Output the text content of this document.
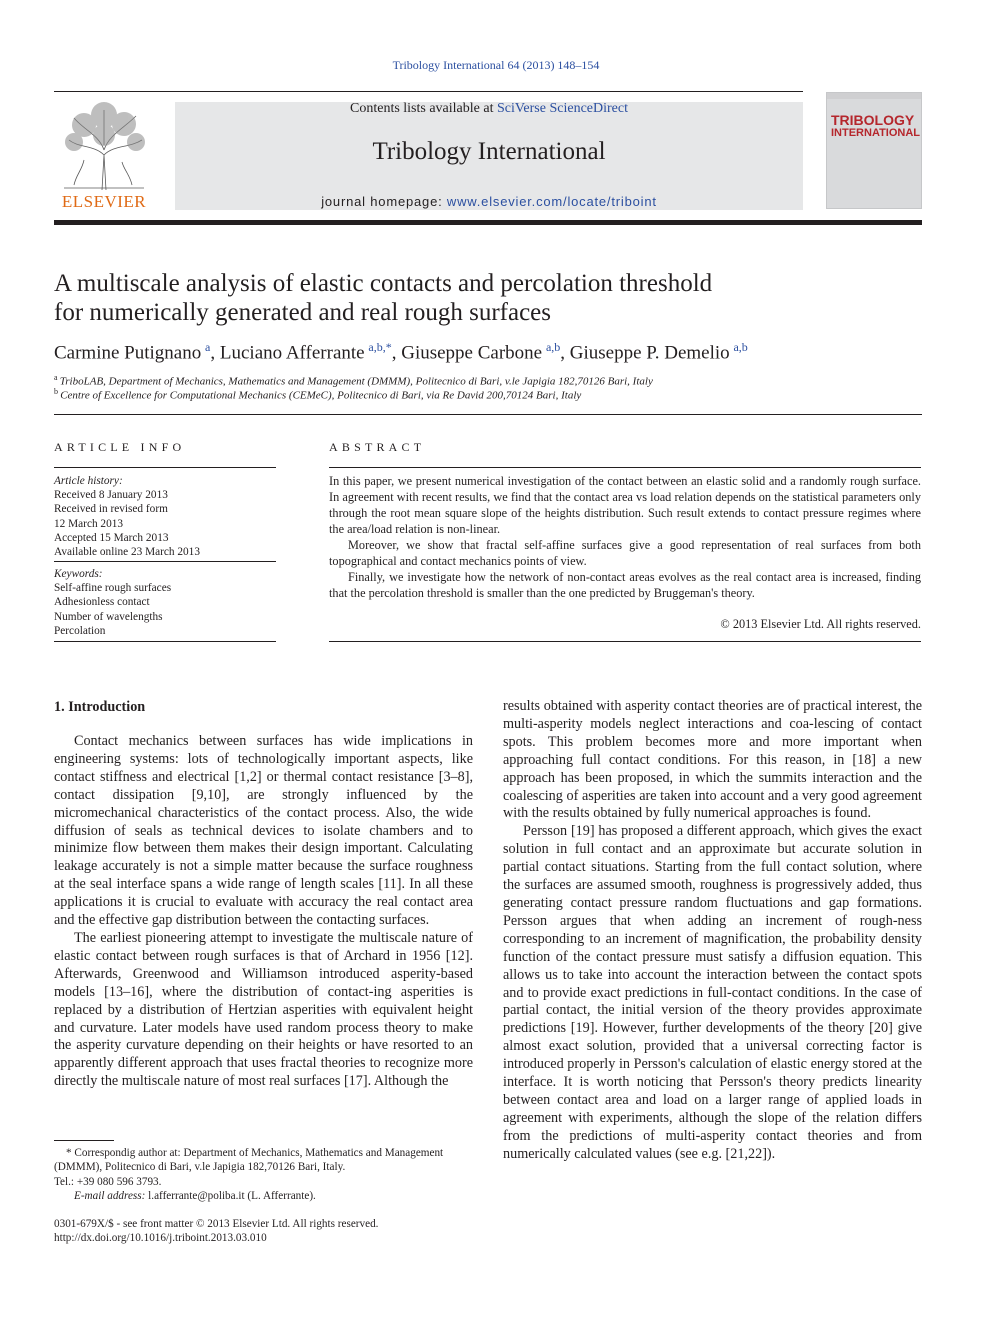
Tribology International 64 (2013) 148–154
ELSEVIER
Contents lists available at SciVerse ScienceDirect
Tribology International
journal homepage: www.elsevier.com/locate/triboint
TRIBOLOGY
INTERNATIONAL
A multiscale analysis of elastic contacts and percolation threshold
for numerically generated and real rough surfaces
Carmine Putignano  $^a$, Luciano Afferrante  $^{a,b,*}$, Giuseppe Carbone  $^{a,b}$, Giuseppe P. Demelio  $^{a,b}$
$^a$  TriboLAB, Department of Mechanics, Mathematics and Management (DMMM), Politecnico di Bari, v.le Japigia 182,70126 Bari, Italy
$^b$  Centre of Excellence for Computational Mechanics (CEMeC), Politecnico di Bari, via Re David 200,70124 Bari, Italy
ARTICLE INFO
Article history:
Received 8 January 2013
Received in revised form
12 March 2013
Accepted 15 March 2013
Available online 23 March 2013
Keywords:
Self-affine rough surfaces
Adhesionless contact
Number of wavelengths
Percolation
ABSTRACT

In this paper, we present numerical investigation of the contact between an elastic solid and a randomly rough surface. In agreement with recent results, we find that the contact area vs load relation depends on the statistical parameters only through the root mean square slope of the heights distribution. Such result extends to contact pressure regimes where the area/load relation is non-linear.

Moreover, we show that fractal self-affine surfaces give a good representation of real surfaces from both topographical and contact mechanics points of view.

Finally, we investigate how the network of non-contact areas evolves as the real contact area is increased, finding that the percolation threshold is smaller than the one predicted by Bruggeman's theory.

© 2013 Elsevier Ltd. All rights reserved.
1. Introduction

Contact mechanics between surfaces has wide implications in engineering systems: lots of technologically important aspects, like contact stiffness and electrical [1,2] or thermal contact resistance [3–8], contact dissipation [9,10], are strongly influenced by the micromechanical characteristics of the contact process. Also, the wide diffusion of seals as technical devices to isolate chambers and to minimize flow between them makes their design important. Calculating leakage accurately is not a simple matter because the surface roughness at the seal interface spans a wide range of length scales [11]. In all these applications it is crucial to evaluate with accuracy the real contact area and the effective gap distribution between the contacting surfaces.

The earliest pioneering attempt to investigate the multiscale nature of elastic contact between rough surfaces is that of Archard in 1956 [12]. Afterwards, Greenwood and Williamson introduced asperity-based models [13–16], where the distribution of contact-ing asperities is replaced by a distribution of Hertzian asperities with equivalent height and curvature. Later models have used random process theory to make the asperity curvature depending on their heights or have resorted to an apparently different approach that uses fractal theories to recognize more directly the multiscale nature of most real surfaces [17]. Although the

results obtained with asperity contact theories are of practical interest, the multi-asperity models neglect interactions and coa-lescing of contact spots. This problem becomes more and more important when approaching full contact conditions. For this reason, in [18] a new approach has been proposed, in which the summits interaction and the coalescing of asperities are taken into account and a very good agreement with the results obtained by fully numerical approaches is found.

Persson [19] has proposed a different approach, which gives the exact solution in full contact and an approximate but accurate solution in partial contact situations. Starting from the full contact solution, where the surfaces are assumed smooth, roughness is progressively added, thus generating contact pressure random fluctuations and gap formations. Persson argues that when adding an increment of rough-ness corresponding to an increment of magnification, the probability density function of the contact pressure must satisfy a diffusion equation. This allows us to take into account the interaction between the contact spots and to provide exact predictions in full-contact conditions. In the case of partial contact, the initial version of the theory provides approximate predictions [19]. However, further developments of the theory [20] give almost exact solution, provided that a universal correcting factor is introduced properly in Persson's calculation of elastic energy stored at the interface. It is worth noticing that Persson's theory predicts linearity between contact area and load on a larger range of applied loads in agreement with experiments, although the slope of the relation differs from the predictions of multi-asperity contact theories and from numerically calculated values (see e.g. [21,22]).

* Correspondig author at: Department of Mechanics, Mathematics and Management (DMMM), Politecnico di Bari, v.le Japigia 182,70126 Bari, Italy.
Tel.: +39 080 596 3793.
E-mail address: l.afferrante@poliba.it (L. Afferrante).
0301-679X/$ - see front matter © 2013 Elsevier Ltd. All rights reserved.
http://dx.doi.org/10.1016/j.triboint.2013.03.010
